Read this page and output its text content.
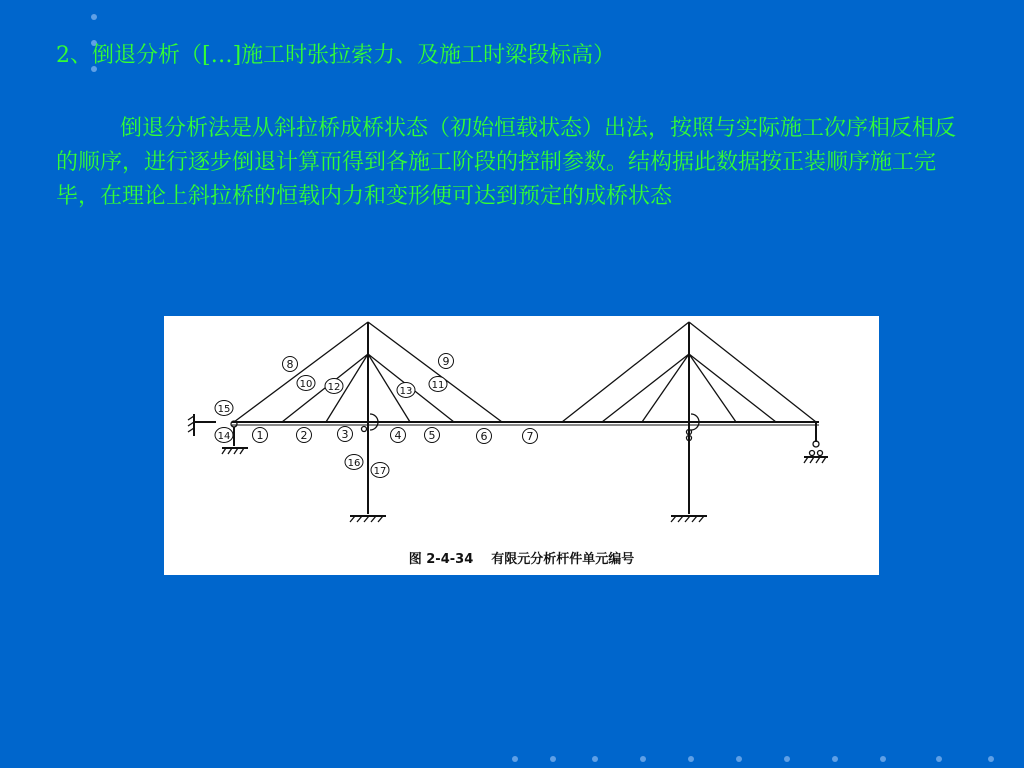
2、倒退分析（[…]施工时张拉索力、及施工时梁段标高）
倒退分析法是从斜拉桥成桥状态（初始恒载状态）出法，按照与实际施工次序相反相反的顺序，进行逐步倒退计算而得到各施工阶段的控制参数。结构据此数据按正装顺序施工完毕，在理论上斜拉桥的恒载内力和变形便可达到预定的成桥状态
1	2	3	4 5	6	7
8	9
10	11
12	13
14
15
16
17
图 2-4-34 有限元分析杆件单元编号
